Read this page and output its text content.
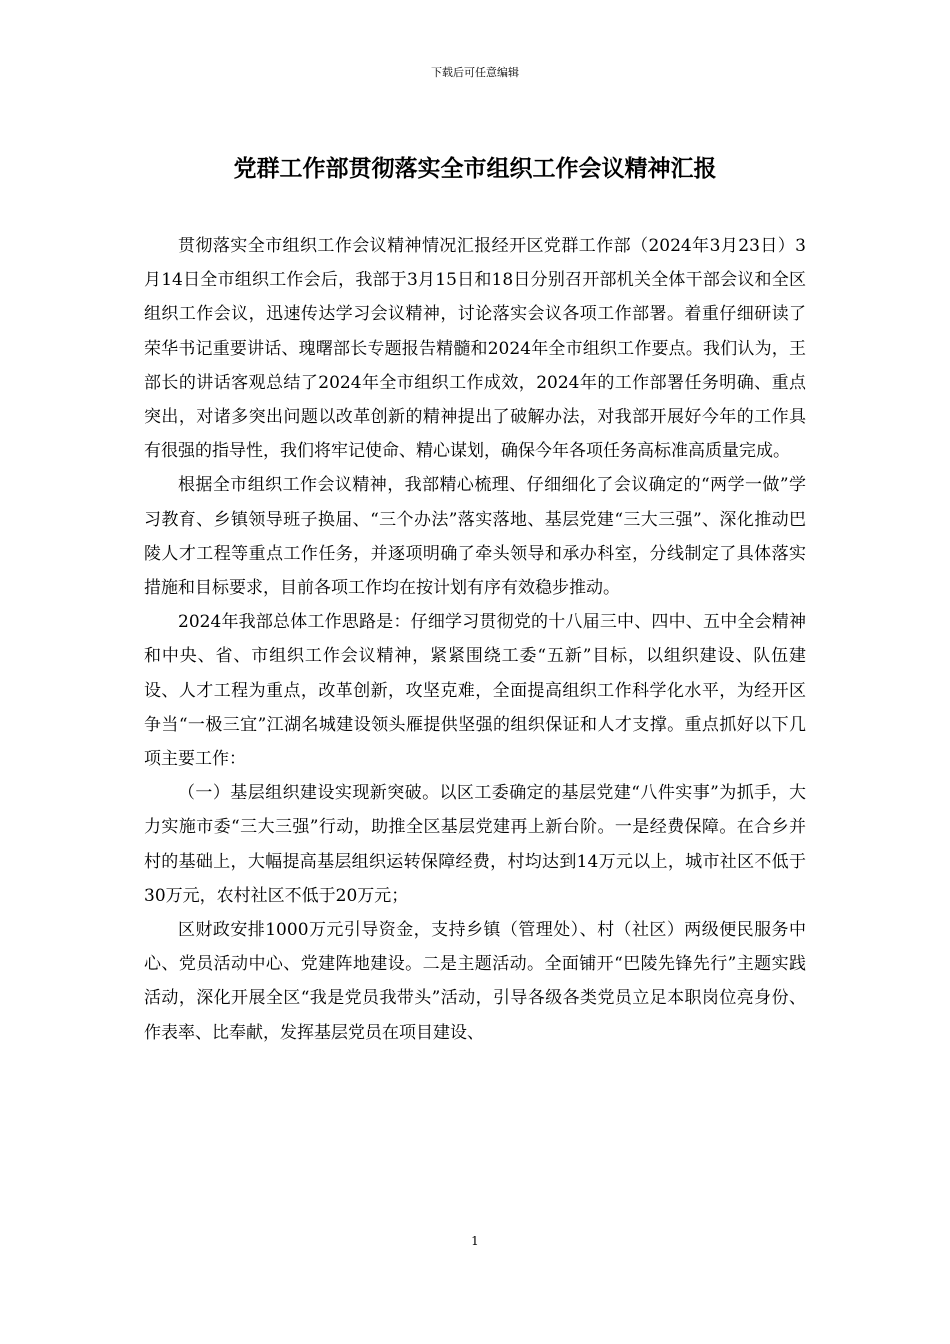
下载后可任意编辑
党群工作部贯彻落实全市组织工作会议精神汇报

贯彻落实全市组织工作会议精神情况汇报经开区党群工作部（2024年3月23日）3月14日全市组织工作会后，我部于3月15日和18日分别召开部机关全体干部会议和全区组织工作会议，迅速传达学习会议精神，讨论落实会议各项工作部署。着重仔细研读了荣华书记重要讲话、瑰曙部长专题报告精髓和2024年全市组织工作要点。我们认为，王部长的讲话客观总结了2024年全市组织工作成效，2024年的工作部署任务明确、重点突出，对诸多突出问题以改革创新的精神提出了破解办法，对我部开展好今年的工作具有很强的指导性，我们将牢记使命、精心谋划，确保今年各项任务高标准高质量完成。

根据全市组织工作会议精神，我部精心梳理、仔细细化了会议确定的“两学一做”学习教育、乡镇领导班子换届、“三个办法”落实落地、基层党建“三大三强”、深化推动巴陵人才工程等重点工作任务，并逐项明确了牵头领导和承办科室，分线制定了具体落实措施和目标要求，目前各项工作均在按计划有序有效稳步推动。

2024年我部总体工作思路是：仔细学习贯彻党的十八届三中、四中、五中全会精神和中央、省、市组织工作会议精神，紧紧围绕工委“五新”目标，以组织建设、队伍建设、人才工程为重点，改革创新，攻坚克难，全面提高组织工作科学化水平，为经开区争当“一极三宜”江湖名城建设领头雁提供坚强的组织保证和人才支撑。重点抓好以下几项主要工作：

（一）基层组织建设实现新突破。以区工委确定的基层党建“八件实事”为抓手，大力实施市委“三大三强”行动，助推全区基层党建再上新台阶。一是经费保障。在合乡并村的基础上，大幅提高基层组织运转保障经费，村均达到14万元以上，城市社区不低于30万元，农村社区不低于20万元；

区财政安排1000万元引导资金，支持乡镇（管理处）、村（社区）两级便民服务中心、党员活动中心、党建阵地建设。二是主题活动。全面铺开“巴陵先锋先行”主题实践活动，深化开展全区“我是党员我带头”活动，引导各级各类党员立足本职岗位亮身份、作表率、比奉献，发挥基层党员在项目建设、

1
